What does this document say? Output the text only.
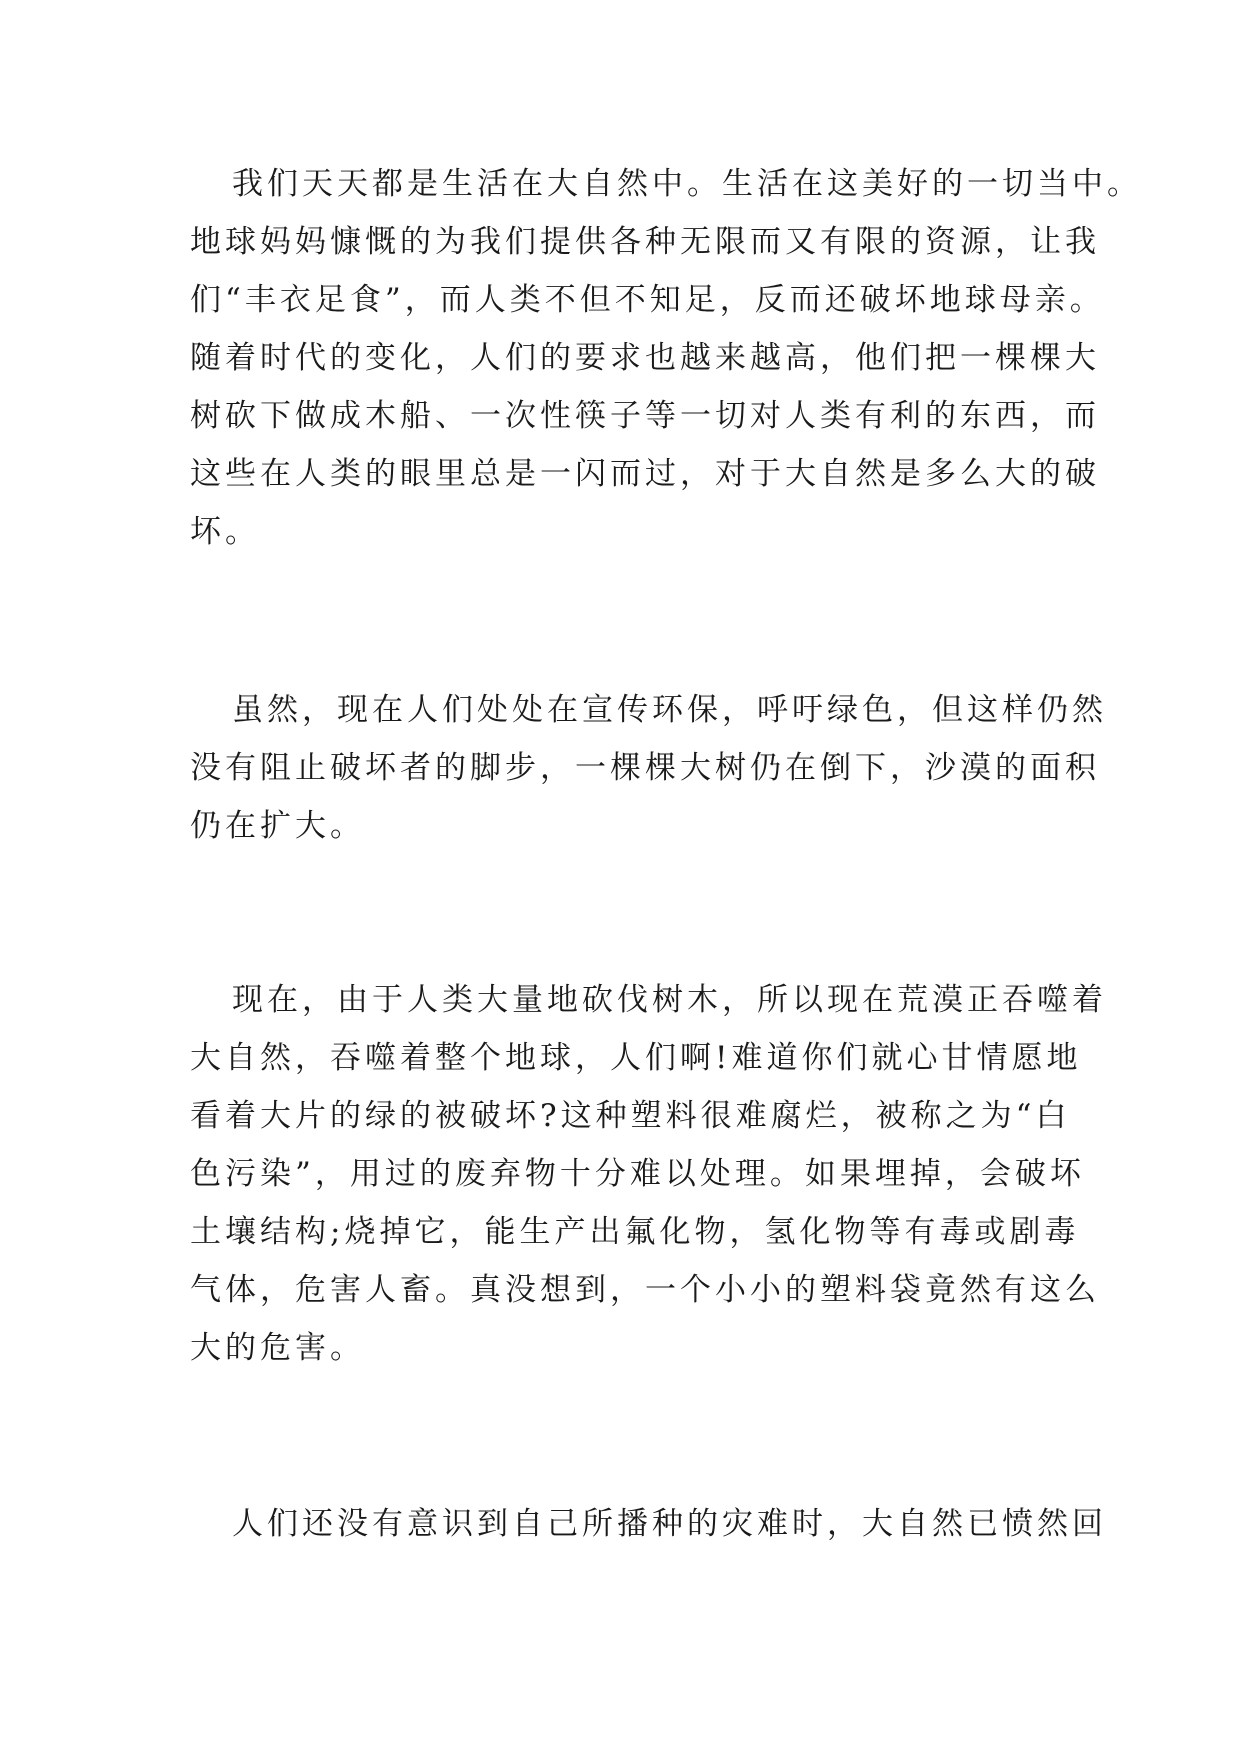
我们天天都是生活在大自然中。生活在这美好的一切当中。
地球妈妈慷慨的为我们提供各种无限而又有限的资源，让我
们“丰衣足食”，而人类不但不知足，反而还破坏地球母亲。
随着时代的变化，人们的要求也越来越高，他们把一棵棵大
树砍下做成木船、一次性筷子等一切对人类有利的东西，而
这些在人类的眼里总是一闪而过，对于大自然是多么大的破
坏。
虽然，现在人们处处在宣传环保，呼吁绿色，但这样仍然
没有阻止破坏者的脚步，一棵棵大树仍在倒下，沙漠的面积
仍在扩大。
现在，由于人类大量地砍伐树木，所以现在荒漠正吞噬着
大自然，吞噬着整个地球，人们啊!难道你们就心甘情愿地
看着大片的绿的被破坏?这种塑料很难腐烂，被称之为“白
色污染”，用过的废弃物十分难以处理。如果埋掉，会破坏
土壤结构;烧掉它，能生产出氟化物，氢化物等有毒或剧毒
气体，危害人畜。真没想到，一个小小的塑料袋竟然有这么
大的危害。
人们还没有意识到自己所播种的灾难时，大自然已愤然回
